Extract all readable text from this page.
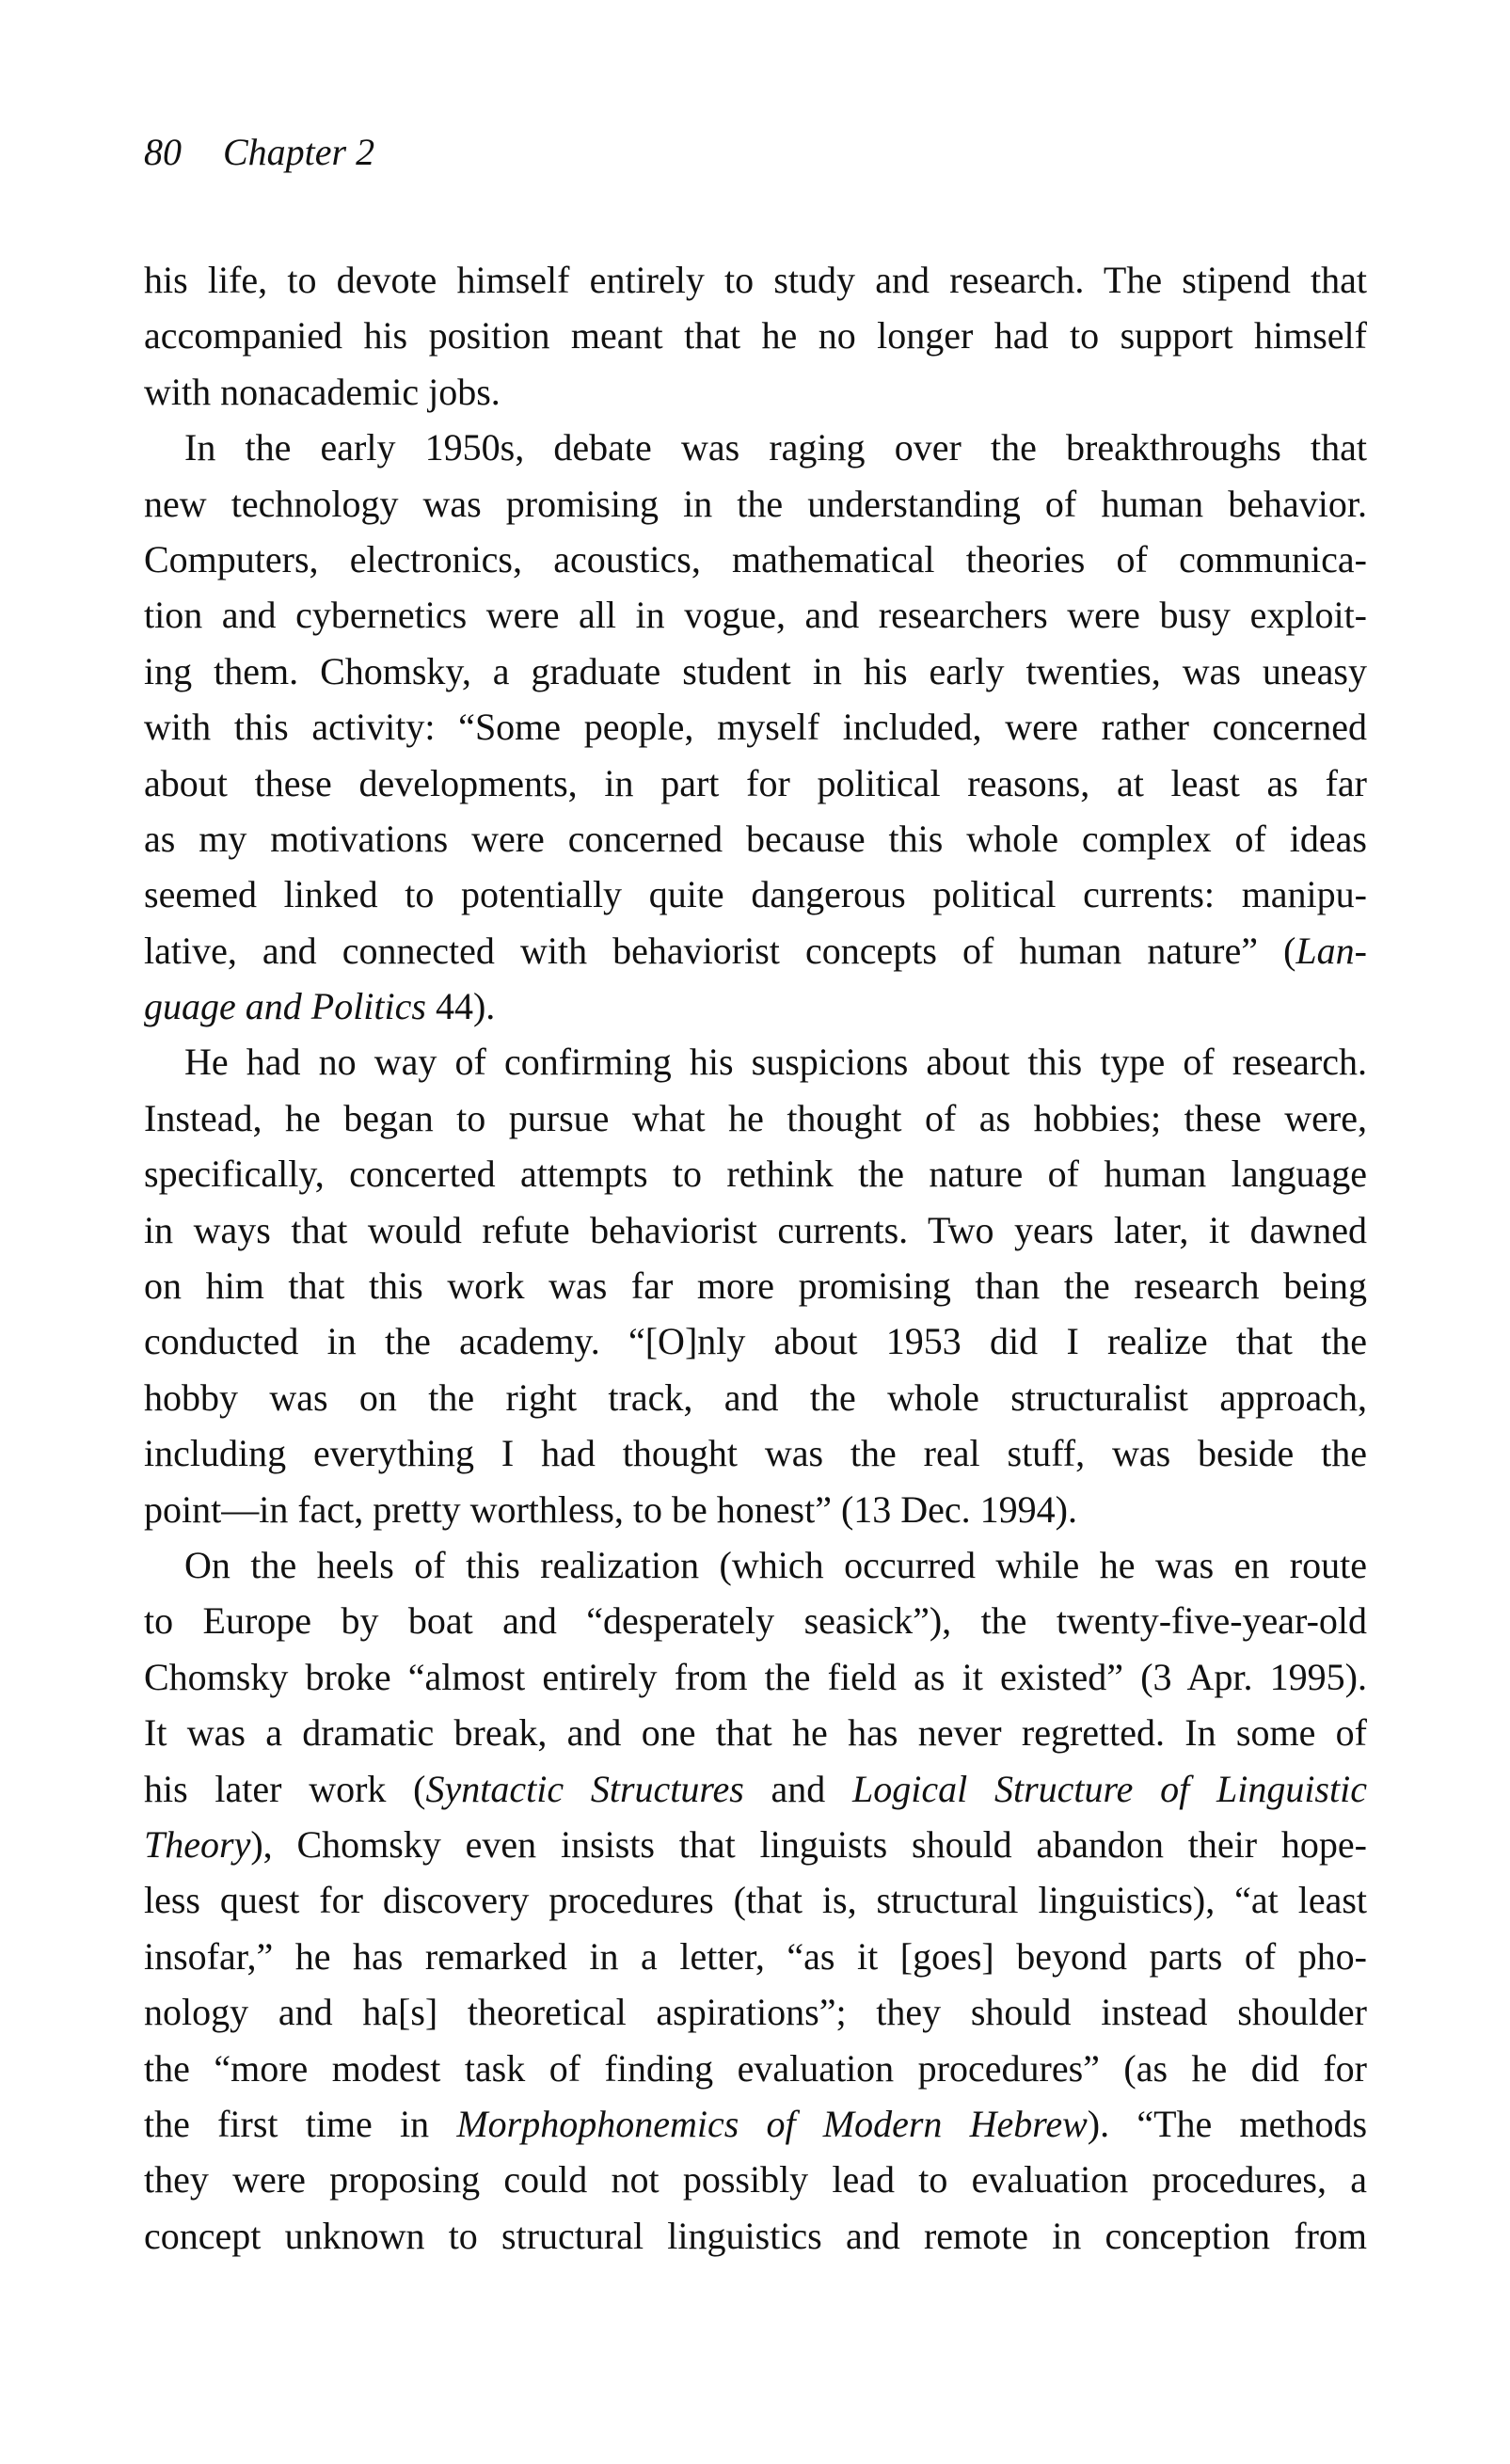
80 Chapter 2
his life, to devote himself entirely to study and research. The stipend that
accompanied his position meant that he no longer had to support himself
with nonacademic jobs.
In the early 1950s, debate was raging over the breakthroughs that
new technology was promising in the understanding of human behavior.
Computers, electronics, acoustics, mathematical theories of communica-
tion and cybernetics were all in vogue, and researchers were busy exploit-
ing them. Chomsky, a graduate student in his early twenties, was uneasy
with this activity: “Some people, myself included, were rather concerned
about these developments, in part for political reasons, at least as far
as my motivations were concerned because this whole complex of ideas
seemed linked to potentially quite dangerous political currents: manipu-
lative, and connected with behaviorist concepts of human nature” (Lan-
guage and Politics 44).
He had no way of confirming his suspicions about this type of research.
Instead, he began to pursue what he thought of as hobbies; these were,
specifically, concerted attempts to rethink the nature of human language
in ways that would refute behaviorist currents. Two years later, it dawned
on him that this work was far more promising than the research being
conducted in the academy. “[O]nly about 1953 did I realize that the
hobby was on the right track, and the whole structuralist approach,
including everything I had thought was the real stuff, was beside the
point—in fact, pretty worthless, to be honest” (13 Dec. 1994).
On the heels of this realization (which occurred while he was en route
to Europe by boat and “desperately seasick”), the twenty-five-year-old
Chomsky broke “almost entirely from the field as it existed” (3 Apr. 1995).
It was a dramatic break, and one that he has never regretted. In some of
his later work (Syntactic Structures and Logical Structure of Linguistic
Theory), Chomsky even insists that linguists should abandon their hope-
less quest for discovery procedures (that is, structural linguistics), “at least
insofar,” he has remarked in a letter, “as it [goes] beyond parts of pho-
nology and ha[s] theoretical aspirations”; they should instead shoulder
the “more modest task of finding evaluation procedures” (as he did for
the first time in Morphophonemics of Modern Hebrew). “The methods
they were proposing could not possibly lead to evaluation procedures, a
concept unknown to structural linguistics and remote in conception from
